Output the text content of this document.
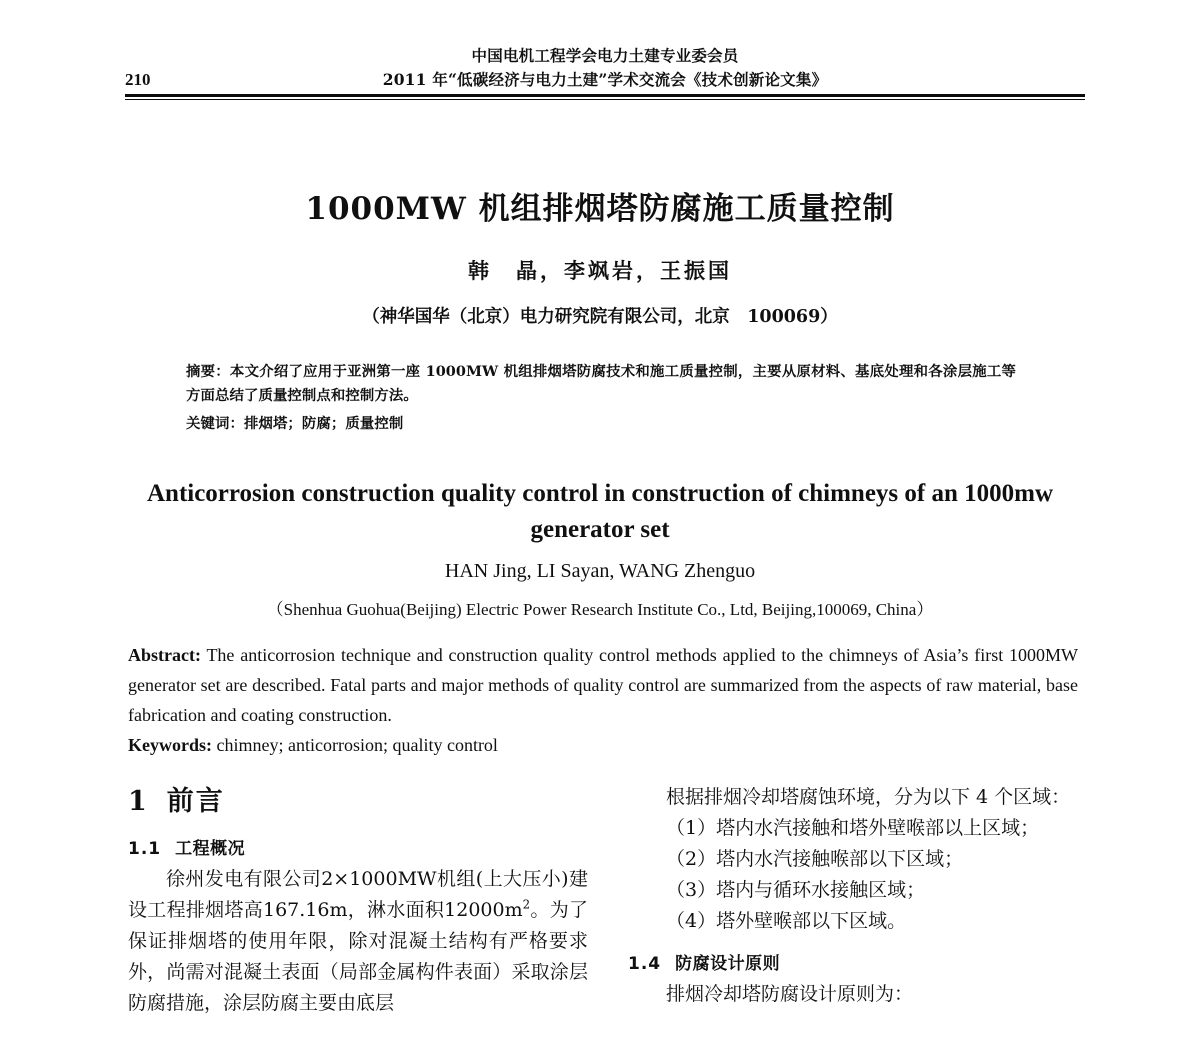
210
中国电机工程学会电力土建专业委会员
2011 年“低碳经济与电力土建”学术交流会《技术创新论文集》
1000MW 机组排烟塔防腐施工质量控制
韩　晶，李飒岩，王振国
（神华国华（北京）电力研究院有限公司，北京　100069）

摘要：本文介绍了应用于亚洲第一座 1000MW 机组排烟塔防腐技术和施工质量控制，主要从原材料、基底处理和各涂层施工等方面总结了质量控制点和控制方法。

关键词：排烟塔；防腐；质量控制

Anticorrosion construction quality control in construction of chimneys of an 1000mw generator set
HAN Jing, LI Sayan, WANG Zhenguo
（Shenhua Guohua(Beijing) Electric Power Research Institute Co., Ltd, Beijing,100069, China）

Abstract: The anticorrosion technique and construction quality control methods applied to the chimneys of Asia’s first 1000MW generator set are described. Fatal parts and major methods of quality control are summarized from the aspects of raw material, base fabrication and coating construction.

Keywords: chimney; anticorrosion; quality control

1 前言
1.1 工程概况

徐州发电有限公司2×1000MW机组(上大压小)建设工程排烟塔高167.16m，淋水面积$12000m^2$。为了保证排烟塔的使用年限，除对混凝土结构有严格要求外，尚需对混凝土表面（局部金属构件表面）采取涂层防腐措施，涂层防腐主要由底层

根据排烟冷却塔腐蚀环境，分为以下 4 个区域：

（1）塔内水汽接触和塔外壁喉部以上区域；
（2）塔内水汽接触喉部以下区域；
（3）塔内与循环水接触区域；
（4）塔外壁喉部以下区域。
1.4 防腐设计原则

排烟冷却塔防腐设计原则为：
